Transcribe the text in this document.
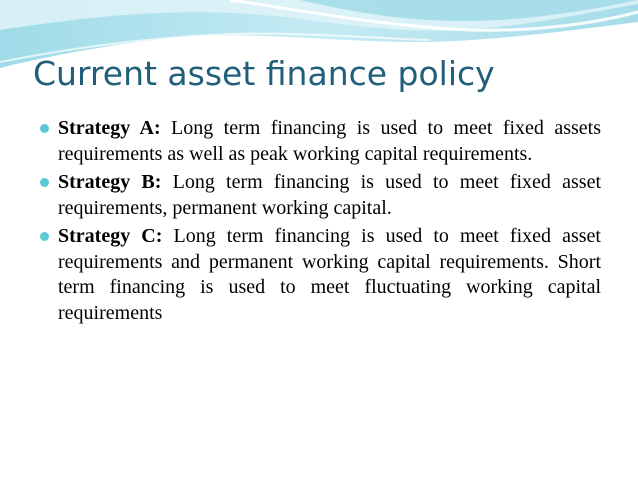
Current asset finance policy
Strategy A: Long term financing is used to meet fixed assets requirements as well as peak working capital requirements.
Strategy B: Long term financing is used to meet fixed asset requirements, permanent working capital.
Strategy C: Long term financing is used to meet fixed asset requirements and permanent working capital requirements. Short term financing is used to meet fluctuating working capital requirements
